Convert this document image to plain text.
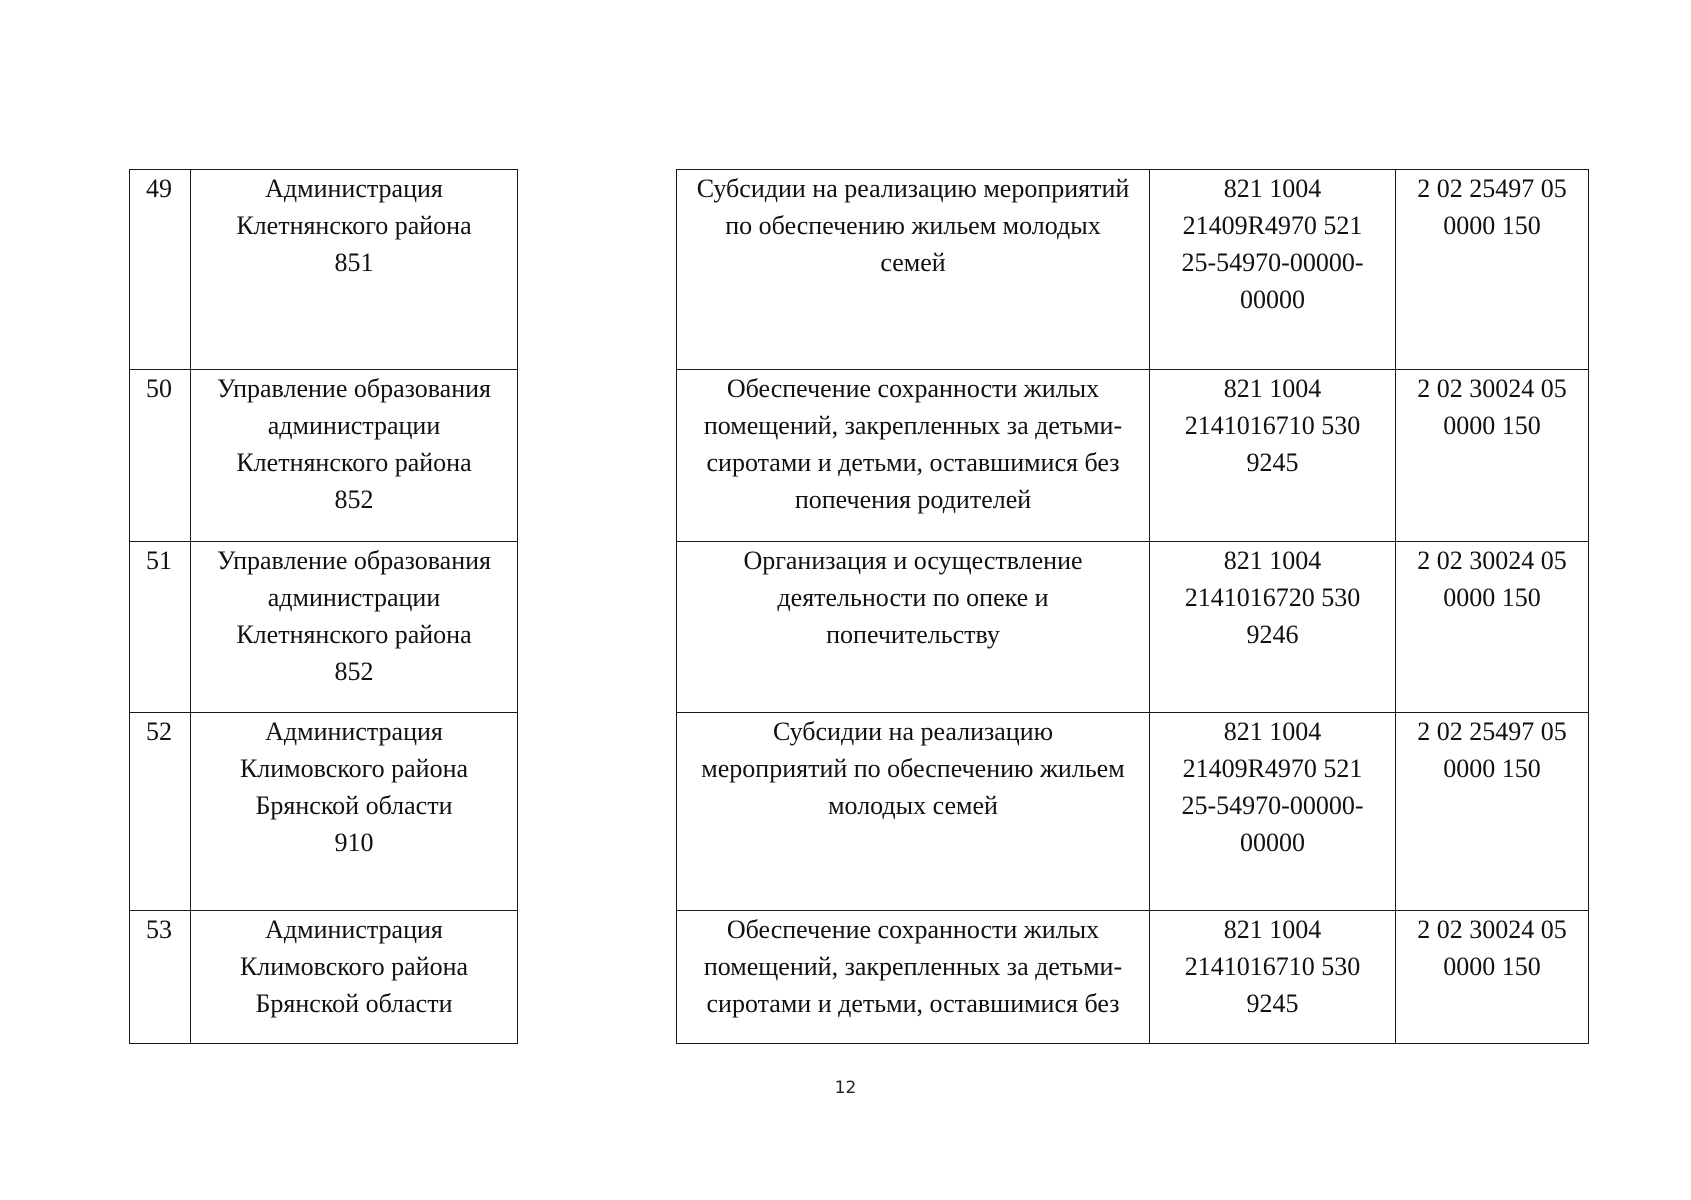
49	Администрация
Клетнянского района
851		Субсидии на реализацию мероприятий
по обеспечению жильем молодых
семей	821 1004
21409R4970 521
25-54970-00000-
00000	2 02 25497 05
0000 150

50	Управление образования
администрации
Клетнянского района
852		Обеспечение сохранности жилых
помещений, закрепленных за детьми-
сиротами и детьми, оставшимися без
попечения родителей	821 1004
2141016710 530
9245	2 02 30024 05
0000 150

51	Управление образования
администрации
Клетнянского района
852		Организация и осуществление
деятельности по опеке и
попечительству	821 1004
2141016720 530
9246	2 02 30024 05
0000 150

52	Администрация
Климовского района
Брянской области
910		Субсидии на реализацию
мероприятий по обеспечению жильем
молодых семей	821 1004
21409R4970 521
25-54970-00000-
00000	2 02 25497 05
0000 150

53	Администрация
Климовского района
Брянской области		Обеспечение сохранности жилых
помещений, закрепленных за детьми-
сиротами и детьми, оставшимися без	821 1004
2141016710 530
9245	2 02 30024 05
0000 150
12
